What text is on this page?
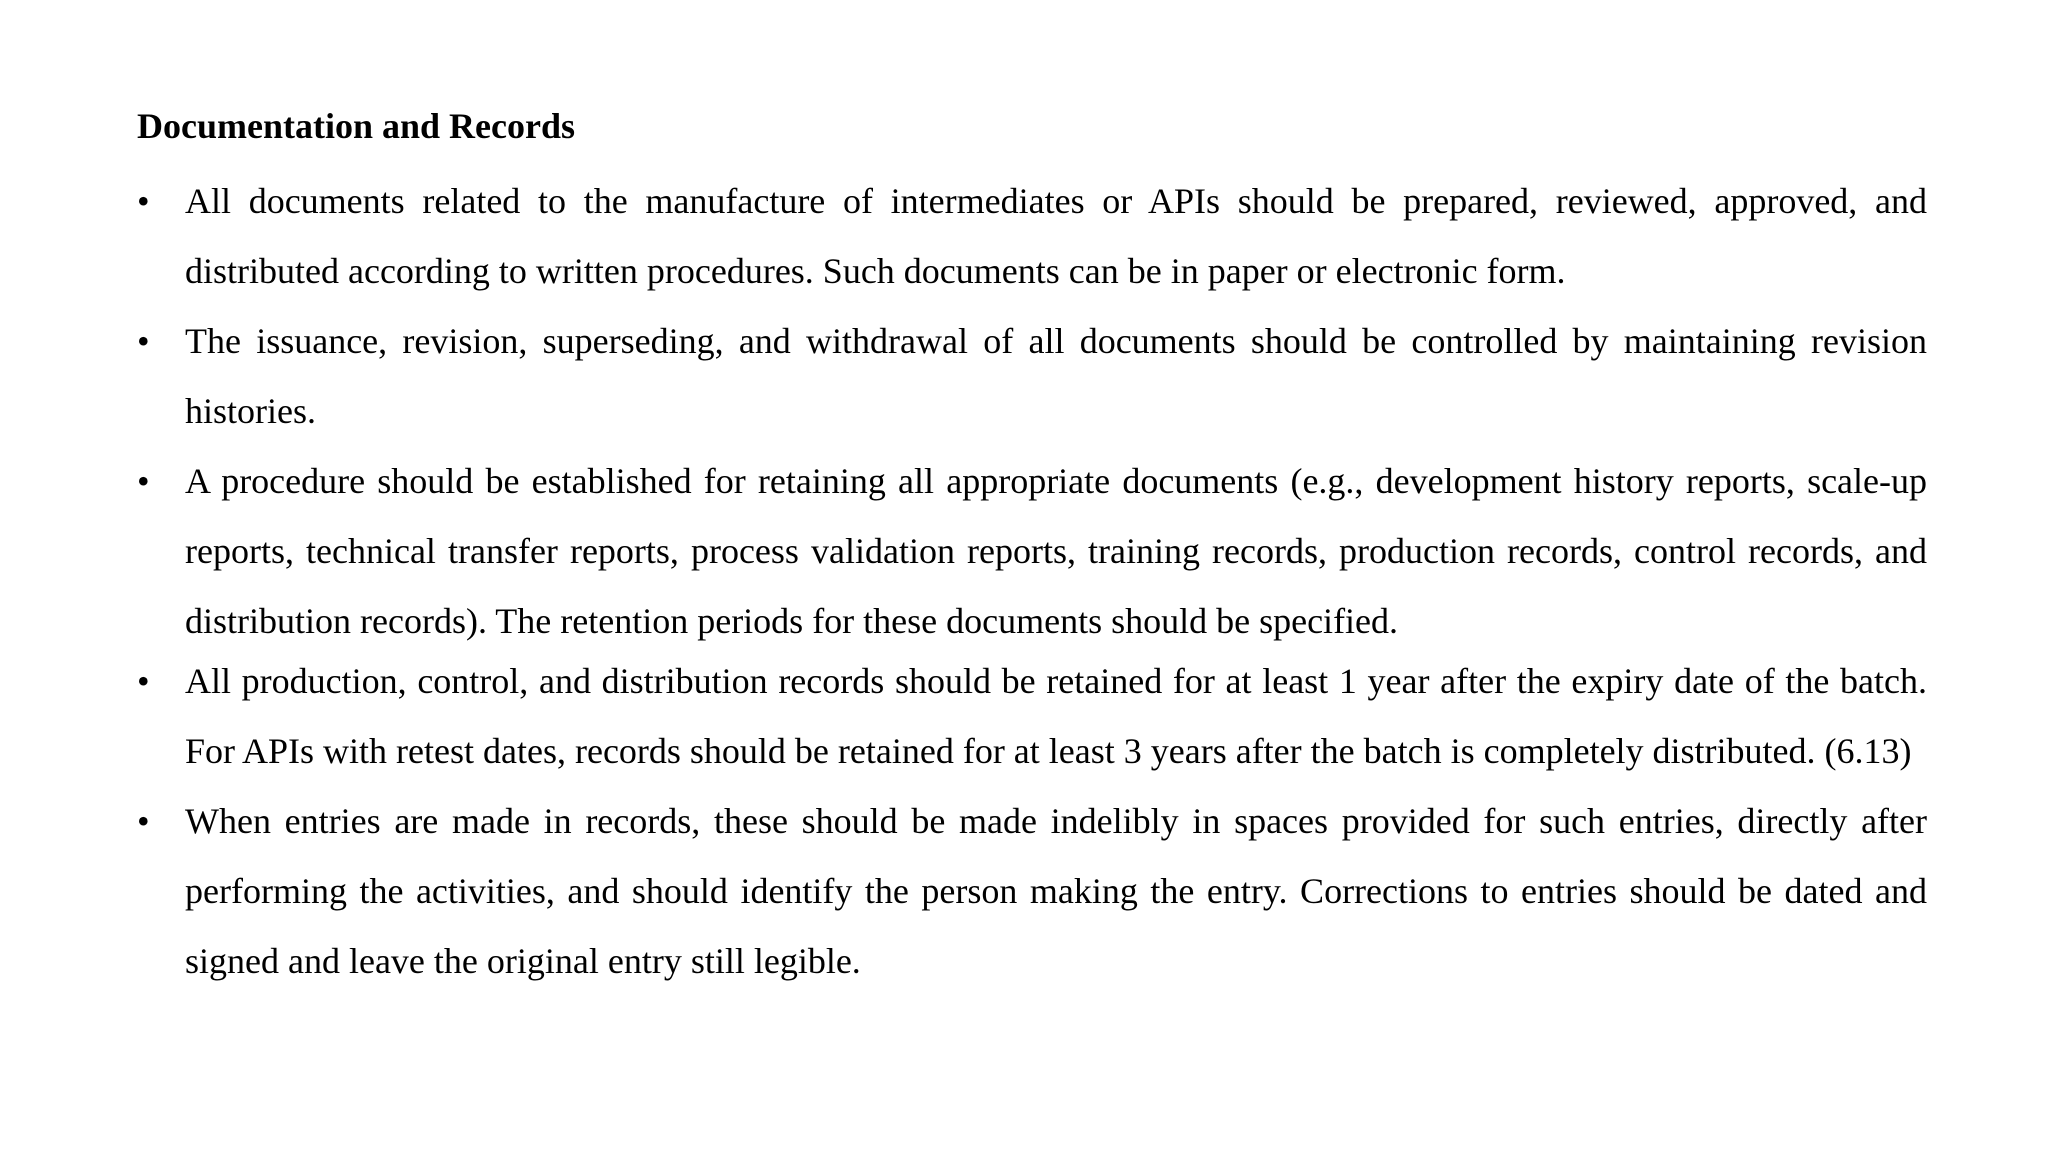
Documentation and Records
• All documents related to the manufacture of intermediates or APIs should be prepared, reviewed, approved, and distributed according to written procedures. Such documents can be in paper or electronic form.
• The issuance, revision, superseding, and withdrawal of all documents should be controlled by maintaining revision histories.
• A procedure should be established for retaining all appropriate documents (e.g., development history reports, scale-up reports, technical transfer reports, process validation reports, training records, production records, control records, and distribution records). The retention periods for these documents should be specified.
• All production, control, and distribution records should be retained for at least 1 year after the expiry date of the batch. For APIs with retest dates, records should be retained for at least 3 years after the batch is completely distributed. (6.13)
• When entries are made in records, these should be made indelibly in spaces provided for such entries, directly after performing the activities, and should identify the person making the entry. Corrections to entries should be dated and signed and leave the original entry still legible.
